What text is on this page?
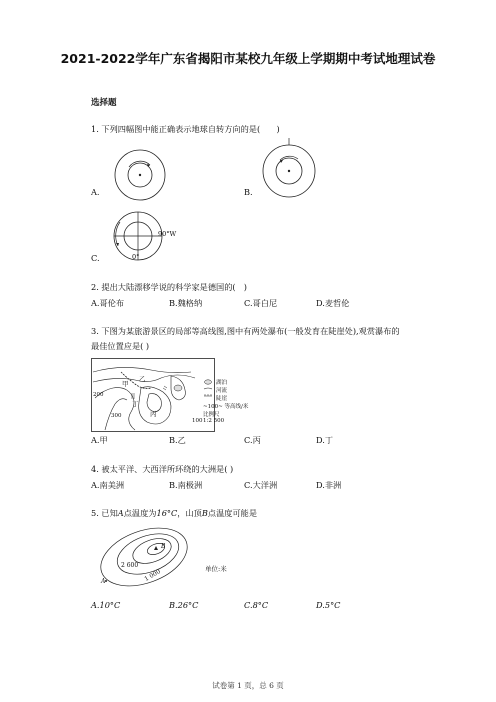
2021-2022学年广东省揭阳市某校九年级上学期期中考试地理试卷
选择题
1. 下列四幅图中能正确表示地球自转方向的是(　　)
A.	B.
90°W
0°
C.
2. 提出大陆漂移学说的科学家是德国的(　)
A.哥伦布	B.魏格纳	C.哥白尼	D.麦哲伦
3. 下图为某旅游景区的局部等高线图,图中有两处瀑布(一般发育在陡崖处),观赏瀑布的
最佳位置应是( )
甲
乙
丙
丁
200
300
100
湖泊
河流
陡崖
~100~ 等高线/米
比例尺
1:2 500
A.甲	B.乙	C.丙	D.丁
4. 被太平洋、大西洋所环绕的大洲是( )
A.南美洲	B.南极洲	C.大洋洲	D.非洲
5. 已知A点温度为16°C，山顶B点温度可能是
B
2 600
1 000
A
单位:米
A.10°C	B.26°C	C.8°C	D.5°C
试卷第 1 页，总 6 页
